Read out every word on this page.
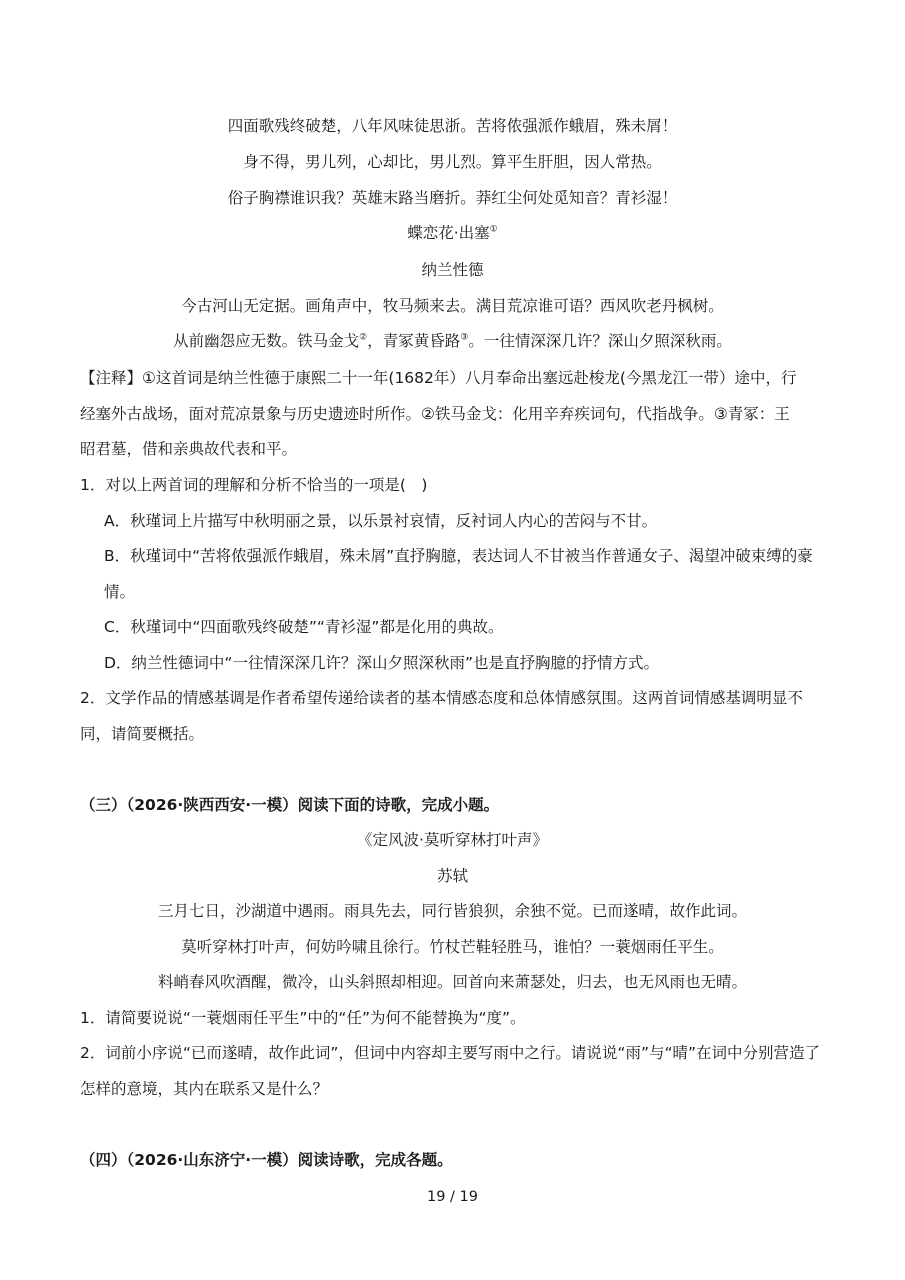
四面歌残终破楚，八年风味徒思浙。苦将侬强派作蛾眉，殊未屑！
身不得，男儿列，心却比，男儿烈。算平生肝胆，因人常热。
俗子胸襟谁识我？英雄末路当磨折。莽红尘何处觅知音？青衫湿！
蝶恋花·出塞①
纳兰性德
今古河山无定据。画角声中，牧马频来去。满目荒凉谁可语？西风吹老丹枫树。
从前幽怨应无数。铁马金戈②，青冢黄昏路③。一往情深深几许？深山夕照深秋雨。
【注释】①这首词是纳兰性德于康熙二十一年(1682年）八月奉命出塞远赴梭龙(今黑龙江一带）途中，行
经塞外古战场，面对荒凉景象与历史遗迹时所作。②铁马金戈：化用辛弃疾词句，代指战争。③青冢：王
昭君墓，借和亲典故代表和平。
1．对以上两首词的理解和分析不恰当的一项是(　)
A．秋瑾词上片描写中秋明丽之景，以乐景衬哀情，反衬词人内心的苦闷与不甘。
B．秋瑾词中“苦将侬强派作蛾眉，殊未屑”直抒胸臆，表达词人不甘被当作普通女子、渴望冲破束缚的豪
情。
C．秋瑾词中“四面歌残终破楚”“青衫湿”都是化用的典故。
D．纳兰性德词中“一往情深深几许？深山夕照深秋雨”也是直抒胸臆的抒情方式。
2．文学作品的情感基调是作者希望传递给读者的基本情感态度和总体情感氛围。这两首词情感基调明显不
同，请简要概括。
（三）（2026·陕西西安·一模）阅读下面的诗歌，完成小题。
《定风波·莫听穿林打叶声》
苏轼
三月七日，沙湖道中遇雨。雨具先去，同行皆狼狈，余独不觉。已而遂晴，故作此词。
莫听穿林打叶声，何妨吟啸且徐行。竹杖芒鞋轻胜马，谁怕？一蓑烟雨任平生。
料峭春风吹酒醒，微冷，山头斜照却相迎。回首向来萧瑟处，归去，也无风雨也无晴。
1．请简要说说“一蓑烟雨任平生”中的“任”为何不能替换为“度”。
2．词前小序说“已而遂晴，故作此词”，但词中内容却主要写雨中之行。请说说“雨”与“晴”在词中分别营造了
怎样的意境，其内在联系又是什么？
（四）（2026·山东济宁·一模）阅读诗歌，完成各题。
19 / 19
